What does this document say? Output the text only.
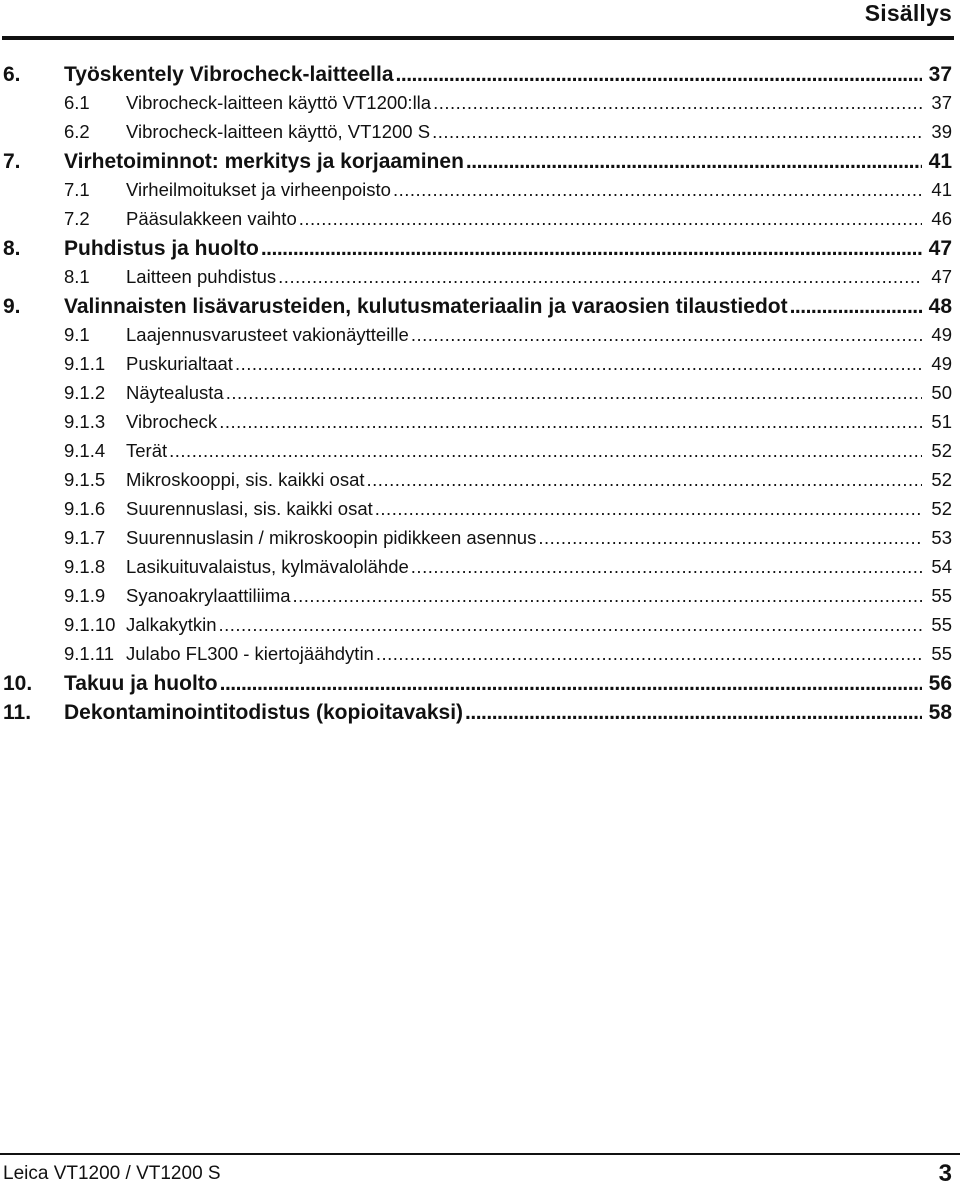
Sisällys
6. Työskentely Vibrocheck-laitteella .....	37
6.1 Vibrocheck-laitteen käyttö VT1200:lla .....	37
6.2 Vibrocheck-laitteen käyttö, VT1200 S .....	39
7. Virhetoiminnot: merkitys ja korjaaminen .....	41
7.1 Virheilmoitukset ja virheenpoisto .....	41
7.2 Pääsulakkeen vaihto .....	46
8. Puhdistus ja huolto .....	47
8.1 Laitteen puhdistus .....	47
9. Valinnaisten lisävarusteiden, kulutusmateriaalin ja varaosien tilaustiedot .....	48
9.1 Laajennusvarusteet vakionäytteille .....	49
9.1.1 Puskurialtaat .....	49
9.1.2 Näytealusta .....	50
9.1.3 Vibrocheck .....	51
9.1.4 Terät .....	52
9.1.5 Mikroskooppi, sis. kaikki osat .....	52
9.1.6 Suurennuslasi, sis. kaikki osat .....	52
9.1.7 Suurennuslasin / mikroskoopin pidikkeen asennus .....	53
9.1.8 Lasikuituvalaistus, kylmävalolähde .....	54
9.1.9 Syanoakrylaattiliima .....	55
9.1.10 Jalkakytkin .....	55
9.1.11 Julabo FL300 - kiertojäähdytin .....	55
10. Takuu ja huolto .....	56
11. Dekontaminointitodistus (kopioitavaksi) .....	58
Leica VT1200 / VT1200 S	3
